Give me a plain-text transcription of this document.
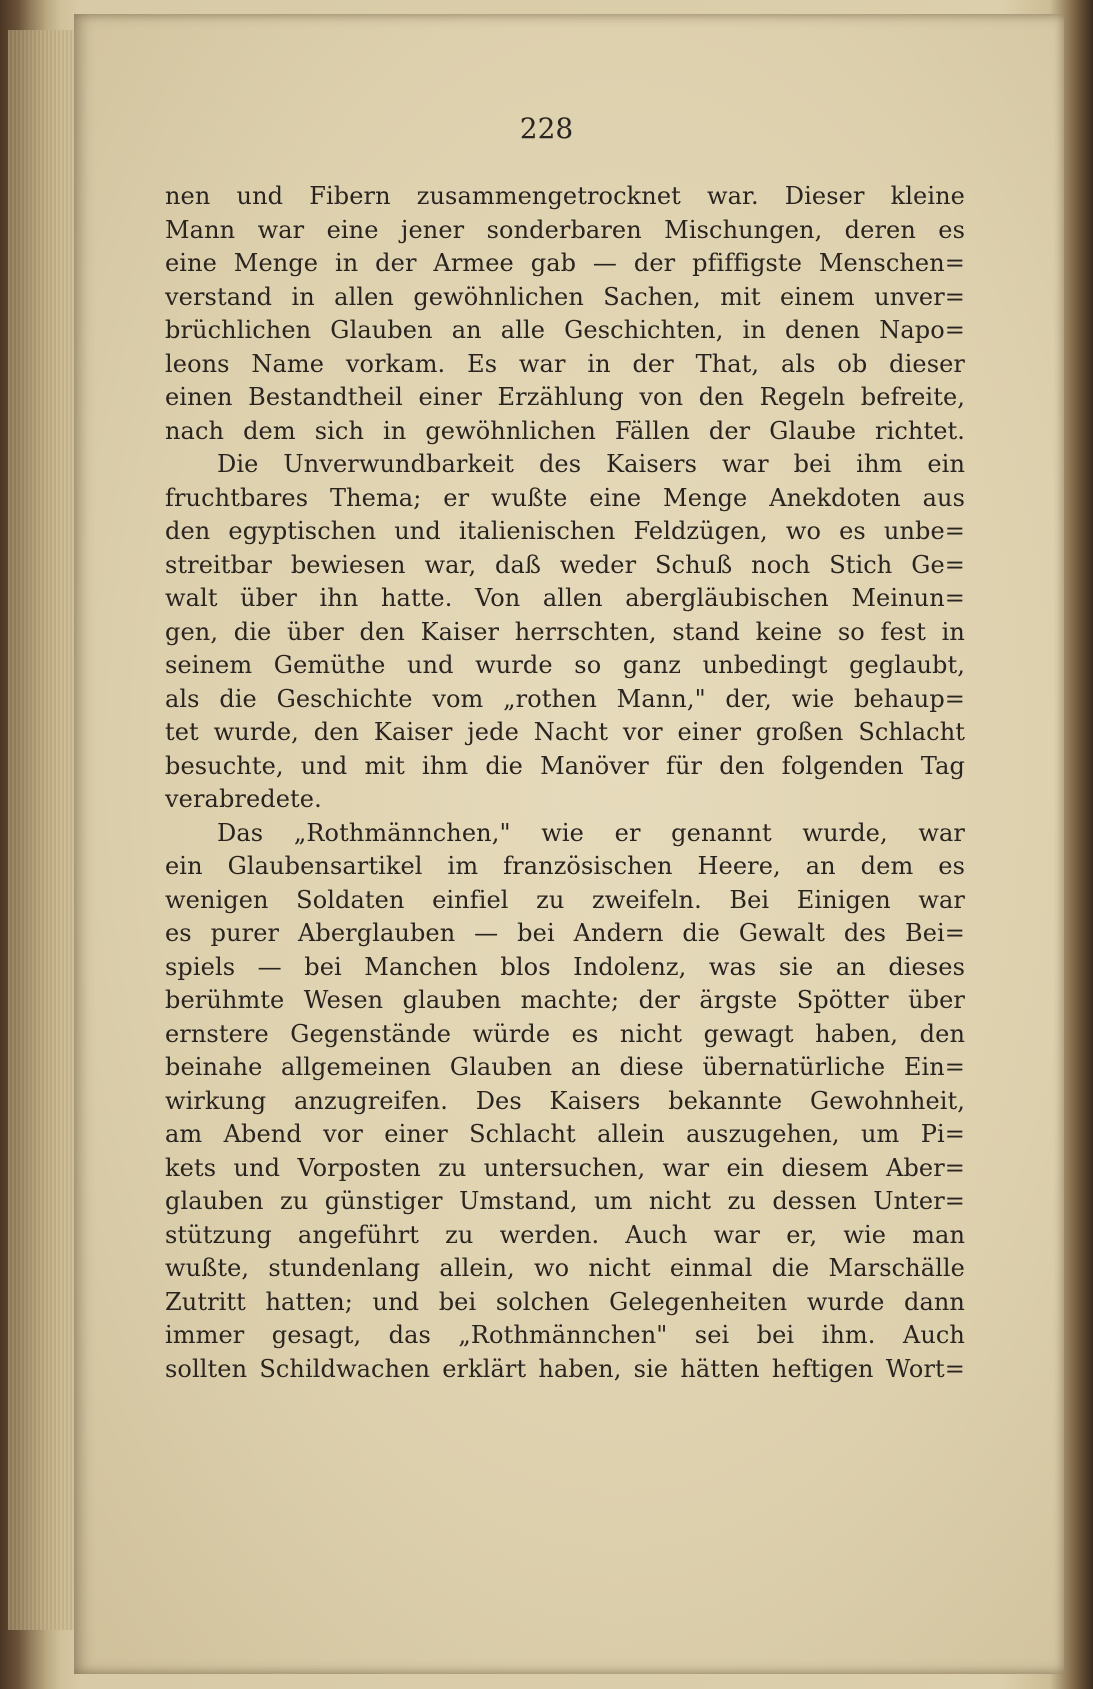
228
nen und Fibern zusammengetrocknet war. Dieser kleine
Mann war eine jener sonderbaren Mischungen, deren es
eine Menge in der Armee gab — der pfiffigste Menschen=
verstand in allen gewöhnlichen Sachen, mit einem unver=
brüchlichen Glauben an alle Geschichten, in denen Napo=
leons Name vorkam. Es war in der That, als ob dieser
einen Bestandtheil einer Erzählung von den Regeln befreite,
nach dem sich in gewöhnlichen Fällen der Glaube richtet.
Die Unverwundbarkeit des Kaisers war bei ihm ein
fruchtbares Thema; er wußte eine Menge Anekdoten aus
den egyptischen und italienischen Feldzügen, wo es unbe=
streitbar bewiesen war, daß weder Schuß noch Stich Ge=
walt über ihn hatte. Von allen abergläubischen Meinun=
gen, die über den Kaiser herrschten, stand keine so fest in
seinem Gemüthe und wurde so ganz unbedingt geglaubt,
als die Geschichte vom „rothen Mann," der, wie behaup=
tet wurde, den Kaiser jede Nacht vor einer großen Schlacht
besuchte, und mit ihm die Manöver für den folgenden Tag
verabredete.
Das „Rothmännchen," wie er genannt wurde, war
ein Glaubensartikel im französischen Heere, an dem es
wenigen Soldaten einfiel zu zweifeln. Bei Einigen war
es purer Aberglauben — bei Andern die Gewalt des Bei=
spiels — bei Manchen blos Indolenz, was sie an dieses
berühmte Wesen glauben machte; der ärgste Spötter über
ernstere Gegenstände würde es nicht gewagt haben, den
beinahe allgemeinen Glauben an diese übernatürliche Ein=
wirkung anzugreifen. Des Kaisers bekannte Gewohnheit,
am Abend vor einer Schlacht allein auszugehen, um Pi=
kets und Vorposten zu untersuchen, war ein diesem Aber=
glauben zu günstiger Umstand, um nicht zu dessen Unter=
stützung angeführt zu werden. Auch war er, wie man
wußte, stundenlang allein, wo nicht einmal die Marschälle
Zutritt hatten; und bei solchen Gelegenheiten wurde dann
immer gesagt, das „Rothmännchen" sei bei ihm. Auch
sollten Schildwachen erklärt haben, sie hätten heftigen Wort=
